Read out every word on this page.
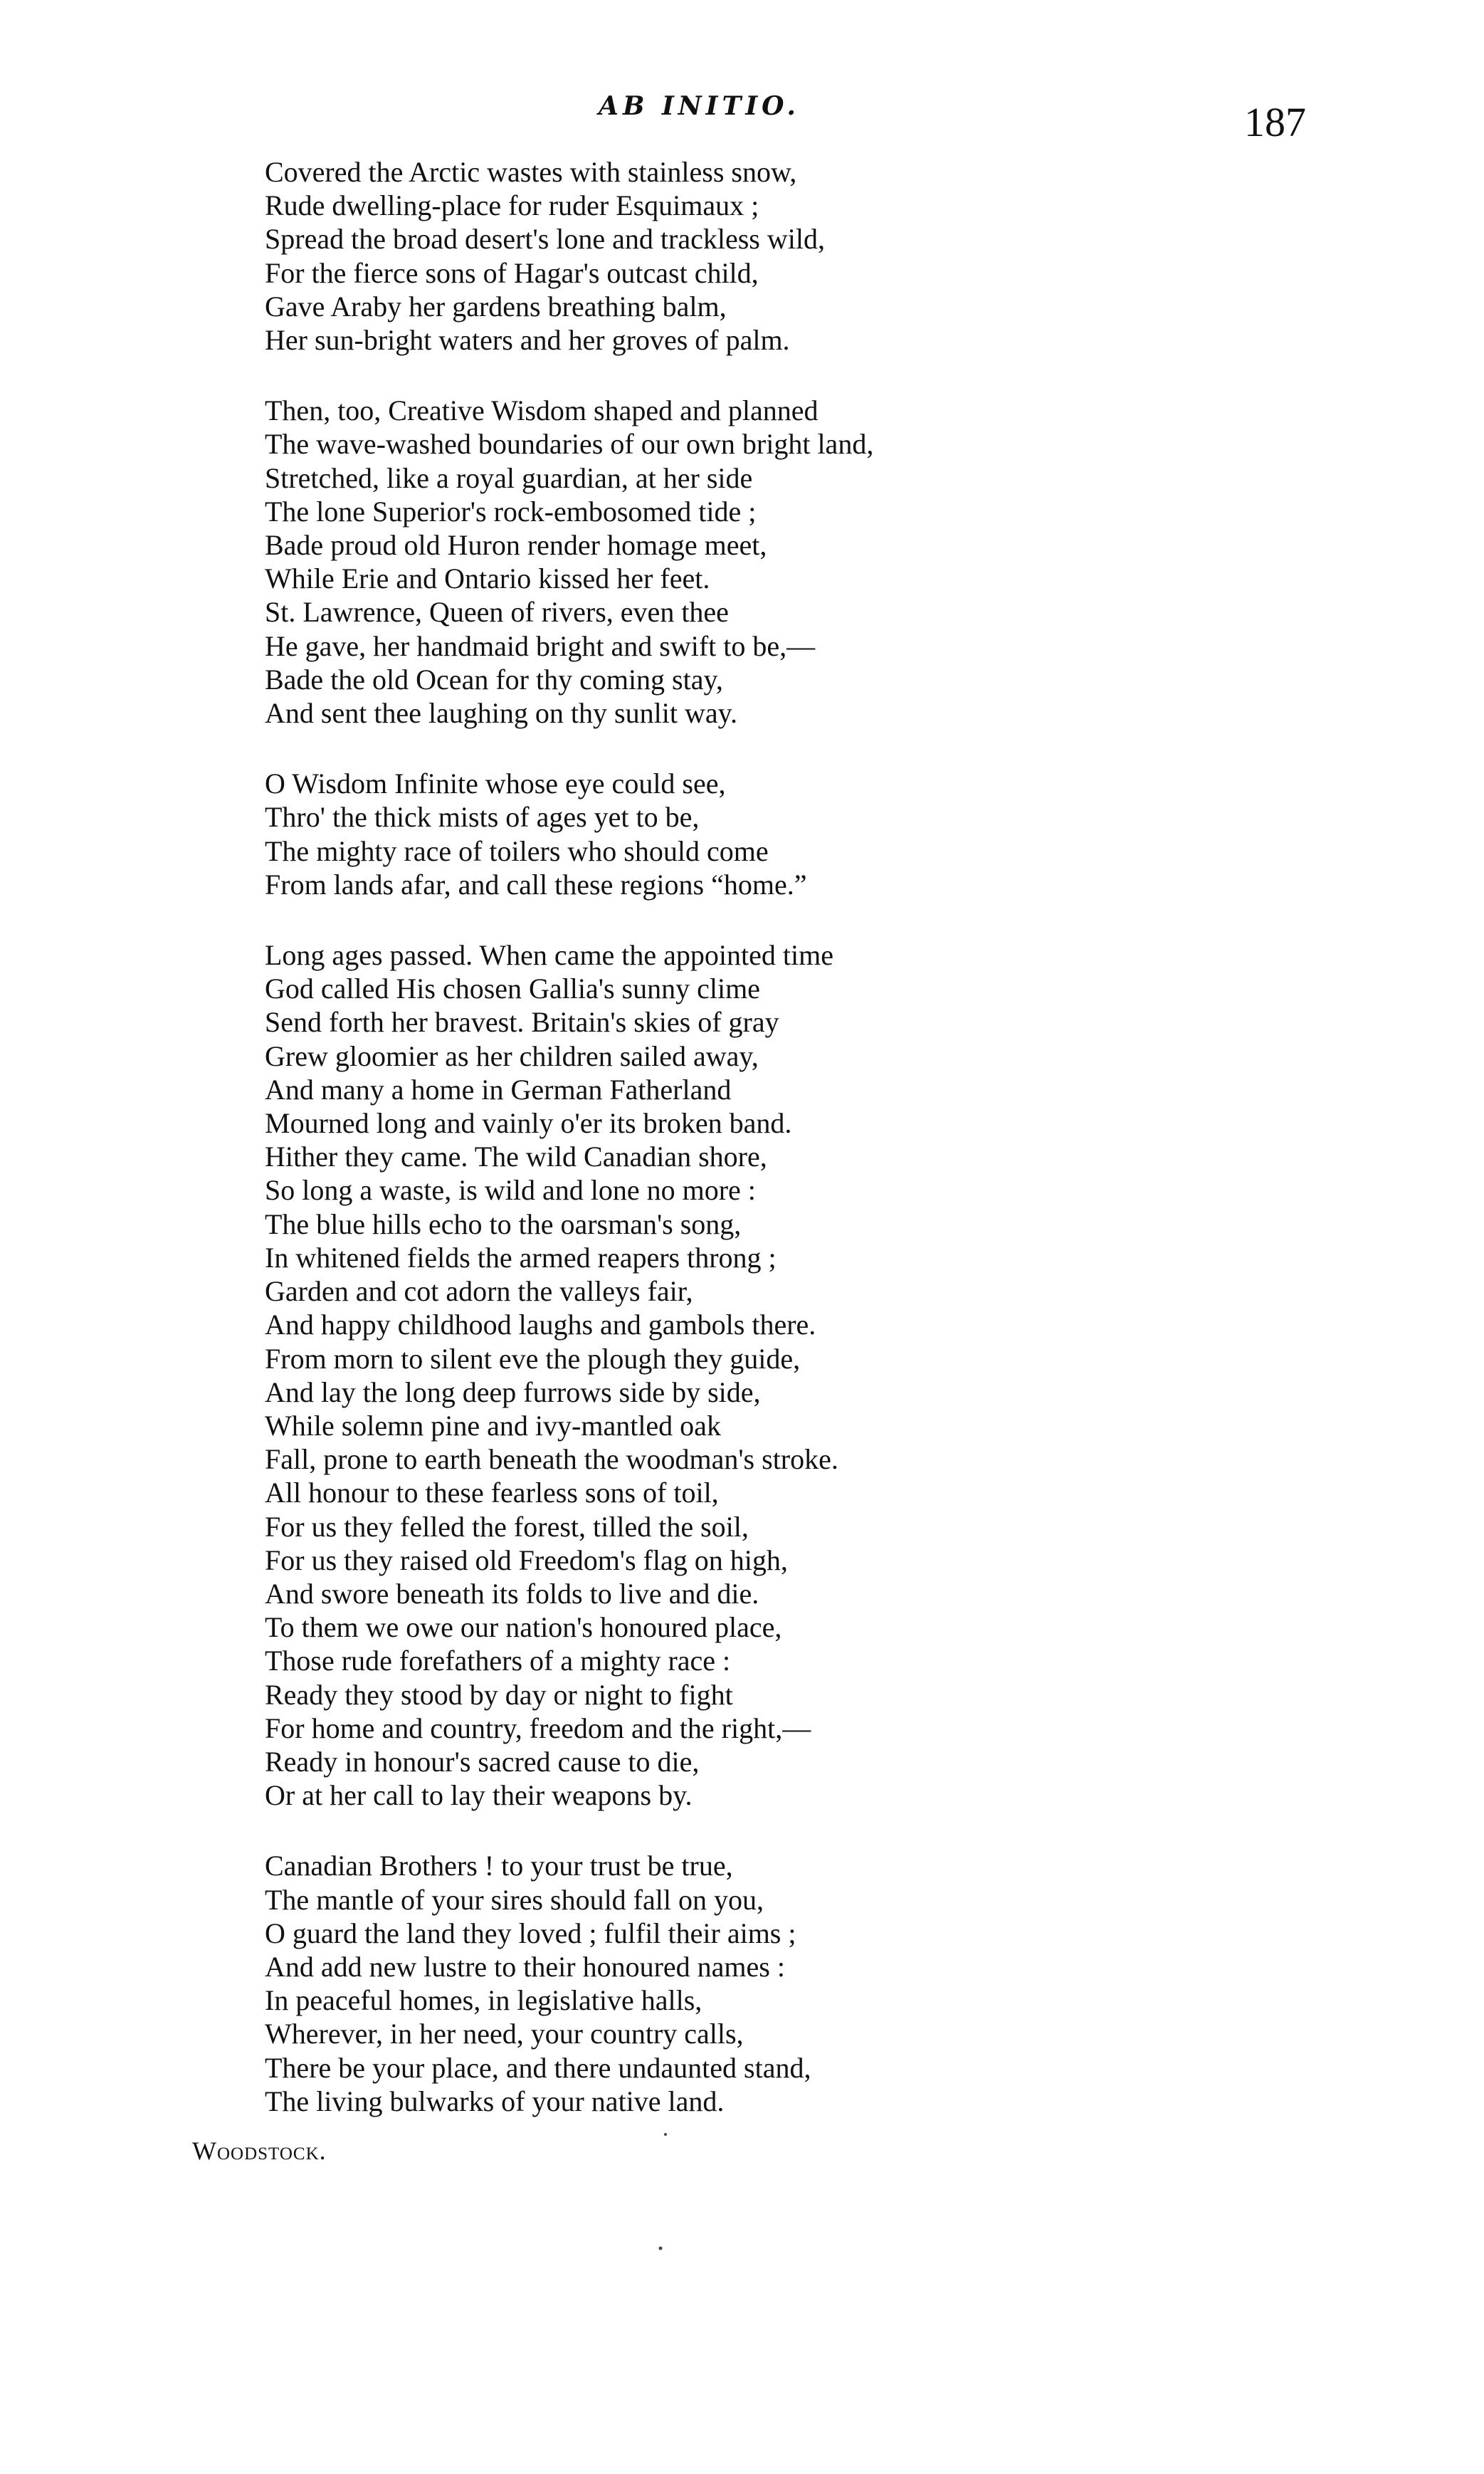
AB INITIO.	187
Covered the Arctic wastes with stainless snow,
Rude dwelling-place for ruder Esquimaux ;
Spread the broad desert's lone and trackless wild,
For the fierce sons of Hagar's outcast child,
Gave Araby her gardens breathing balm,
Her sun-bright waters and her groves of palm.
Then, too, Creative Wisdom shaped and planned
The wave-washed boundaries of our own bright land,
Stretched, like a royal guardian, at her side
The lone Superior's rock-embosomed tide ;
Bade proud old Huron render homage meet,
While Erie and Ontario kissed her feet.
St. Lawrence, Queen of rivers, even thee
He gave, her handmaid bright and swift to be,—
Bade the old Ocean for thy coming stay,
And sent thee laughing on thy sunlit way.
O Wisdom Infinite whose eye could see,
Thro' the thick mists of ages yet to be,
The mighty race of toilers who should come
From lands afar, and call these regions “home.”
Long ages passed. When came the appointed time
God called His chosen Gallia's sunny clime
Send forth her bravest. Britain's skies of gray
Grew gloomier as her children sailed away,
And many a home in German Fatherland
Mourned long and vainly o'er its broken band.
Hither they came. The wild Canadian shore,
So long a waste, is wild and lone no more :
The blue hills echo to the oarsman's song,
In whitened fields the armed reapers throng ;
Garden and cot adorn the valleys fair,
And happy childhood laughs and gambols there.
From morn to silent eve the plough they guide,
And lay the long deep furrows side by side,
While solemn pine and ivy-mantled oak
Fall, prone to earth beneath the woodman's stroke.
All honour to these fearless sons of toil,
For us they felled the forest, tilled the soil,
For us they raised old Freedom's flag on high,
And swore beneath its folds to live and die.
To them we owe our nation's honoured place,
Those rude forefathers of a mighty race :
Ready they stood by day or night to fight
For home and country, freedom and the right,—
Ready in honour's sacred cause to die,
Or at her call to lay their weapons by.
Canadian Brothers ! to your trust be true,
The mantle of your sires should fall on you,
O guard the land they loved ; fulfil their aims ;
And add new lustre to their honoured names :
In peaceful homes, in legislative halls,
Wherever, in her need, your country calls,
There be your place, and there undaunted stand,
The living bulwarks of your native land.
Woodstock.
